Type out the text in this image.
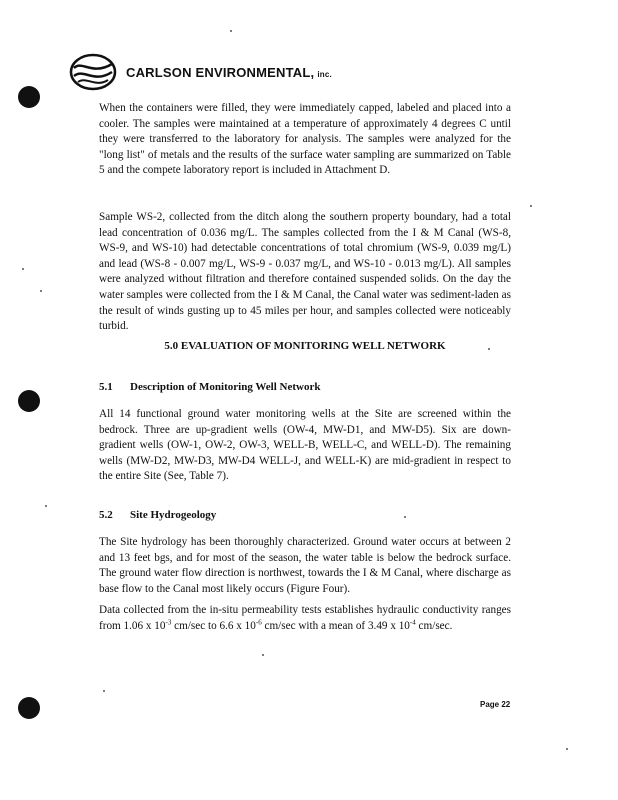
CARLSON ENVIRONMENTAL, inc.

When the containers were filled, they were immediately capped, labeled and placed into a cooler. The samples were maintained at a temperature of approximately 4 degrees C until they were transferred to the laboratory for analysis. The samples were analyzed for the "long list" of metals and the results of the surface water sampling are summarized on Table 5 and the compete laboratory report is included in Attachment D.

Sample WS-2, collected from the ditch along the southern property boundary, had a total lead concentration of 0.036 mg/L. The samples collected from the I & M Canal (WS-8, WS-9, and WS-10) had detectable concentrations of total chromium (WS-9, 0.039 mg/L) and lead (WS-8 - 0.007 mg/L, WS-9 - 0.037 mg/L, and WS-10 - 0.013 mg/L). All samples were analyzed without filtration and therefore contained suspended solids. On the day the water samples were collected from the I & M Canal, the Canal water was sediment-laden as the result of winds gusting up to 45 miles per hour, and samples collected were noticeably turbid.

5.0 EVALUATION OF MONITORING WELL NETWORK
5.1 Description of Monitoring Well Network

All 14 functional ground water monitoring wells at the Site are screened within the bedrock. Three are up-gradient wells (OW-4, MW-D1, and MW-D5). Six are down-gradient wells (OW-1, OW-2, OW-3, WELL-B, WELL-C, and WELL-D). The remaining wells (MW-D2, MW-D3, MW-D4 WELL-J, and WELL-K) are mid-gradient in respect to the entire Site (See, Table 7).

5.2 Site Hydrogeology

The Site hydrology has been thoroughly characterized. Ground water occurs at between 2 and 13 feet bgs, and for most of the season, the water table is below the bedrock surface. The ground water flow direction is northwest, towards the I & M Canal, where discharge as base flow to the Canal most likely occurs (Figure Four).

Data collected from the in-situ permeability tests establishes hydraulic conductivity ranges from 1.06 x $10^{-3}$ cm/sec to 6.6 x $10^{-6}$ cm/sec with a mean of 3.49 x $10^{-4}$ cm/sec.

Page 22
